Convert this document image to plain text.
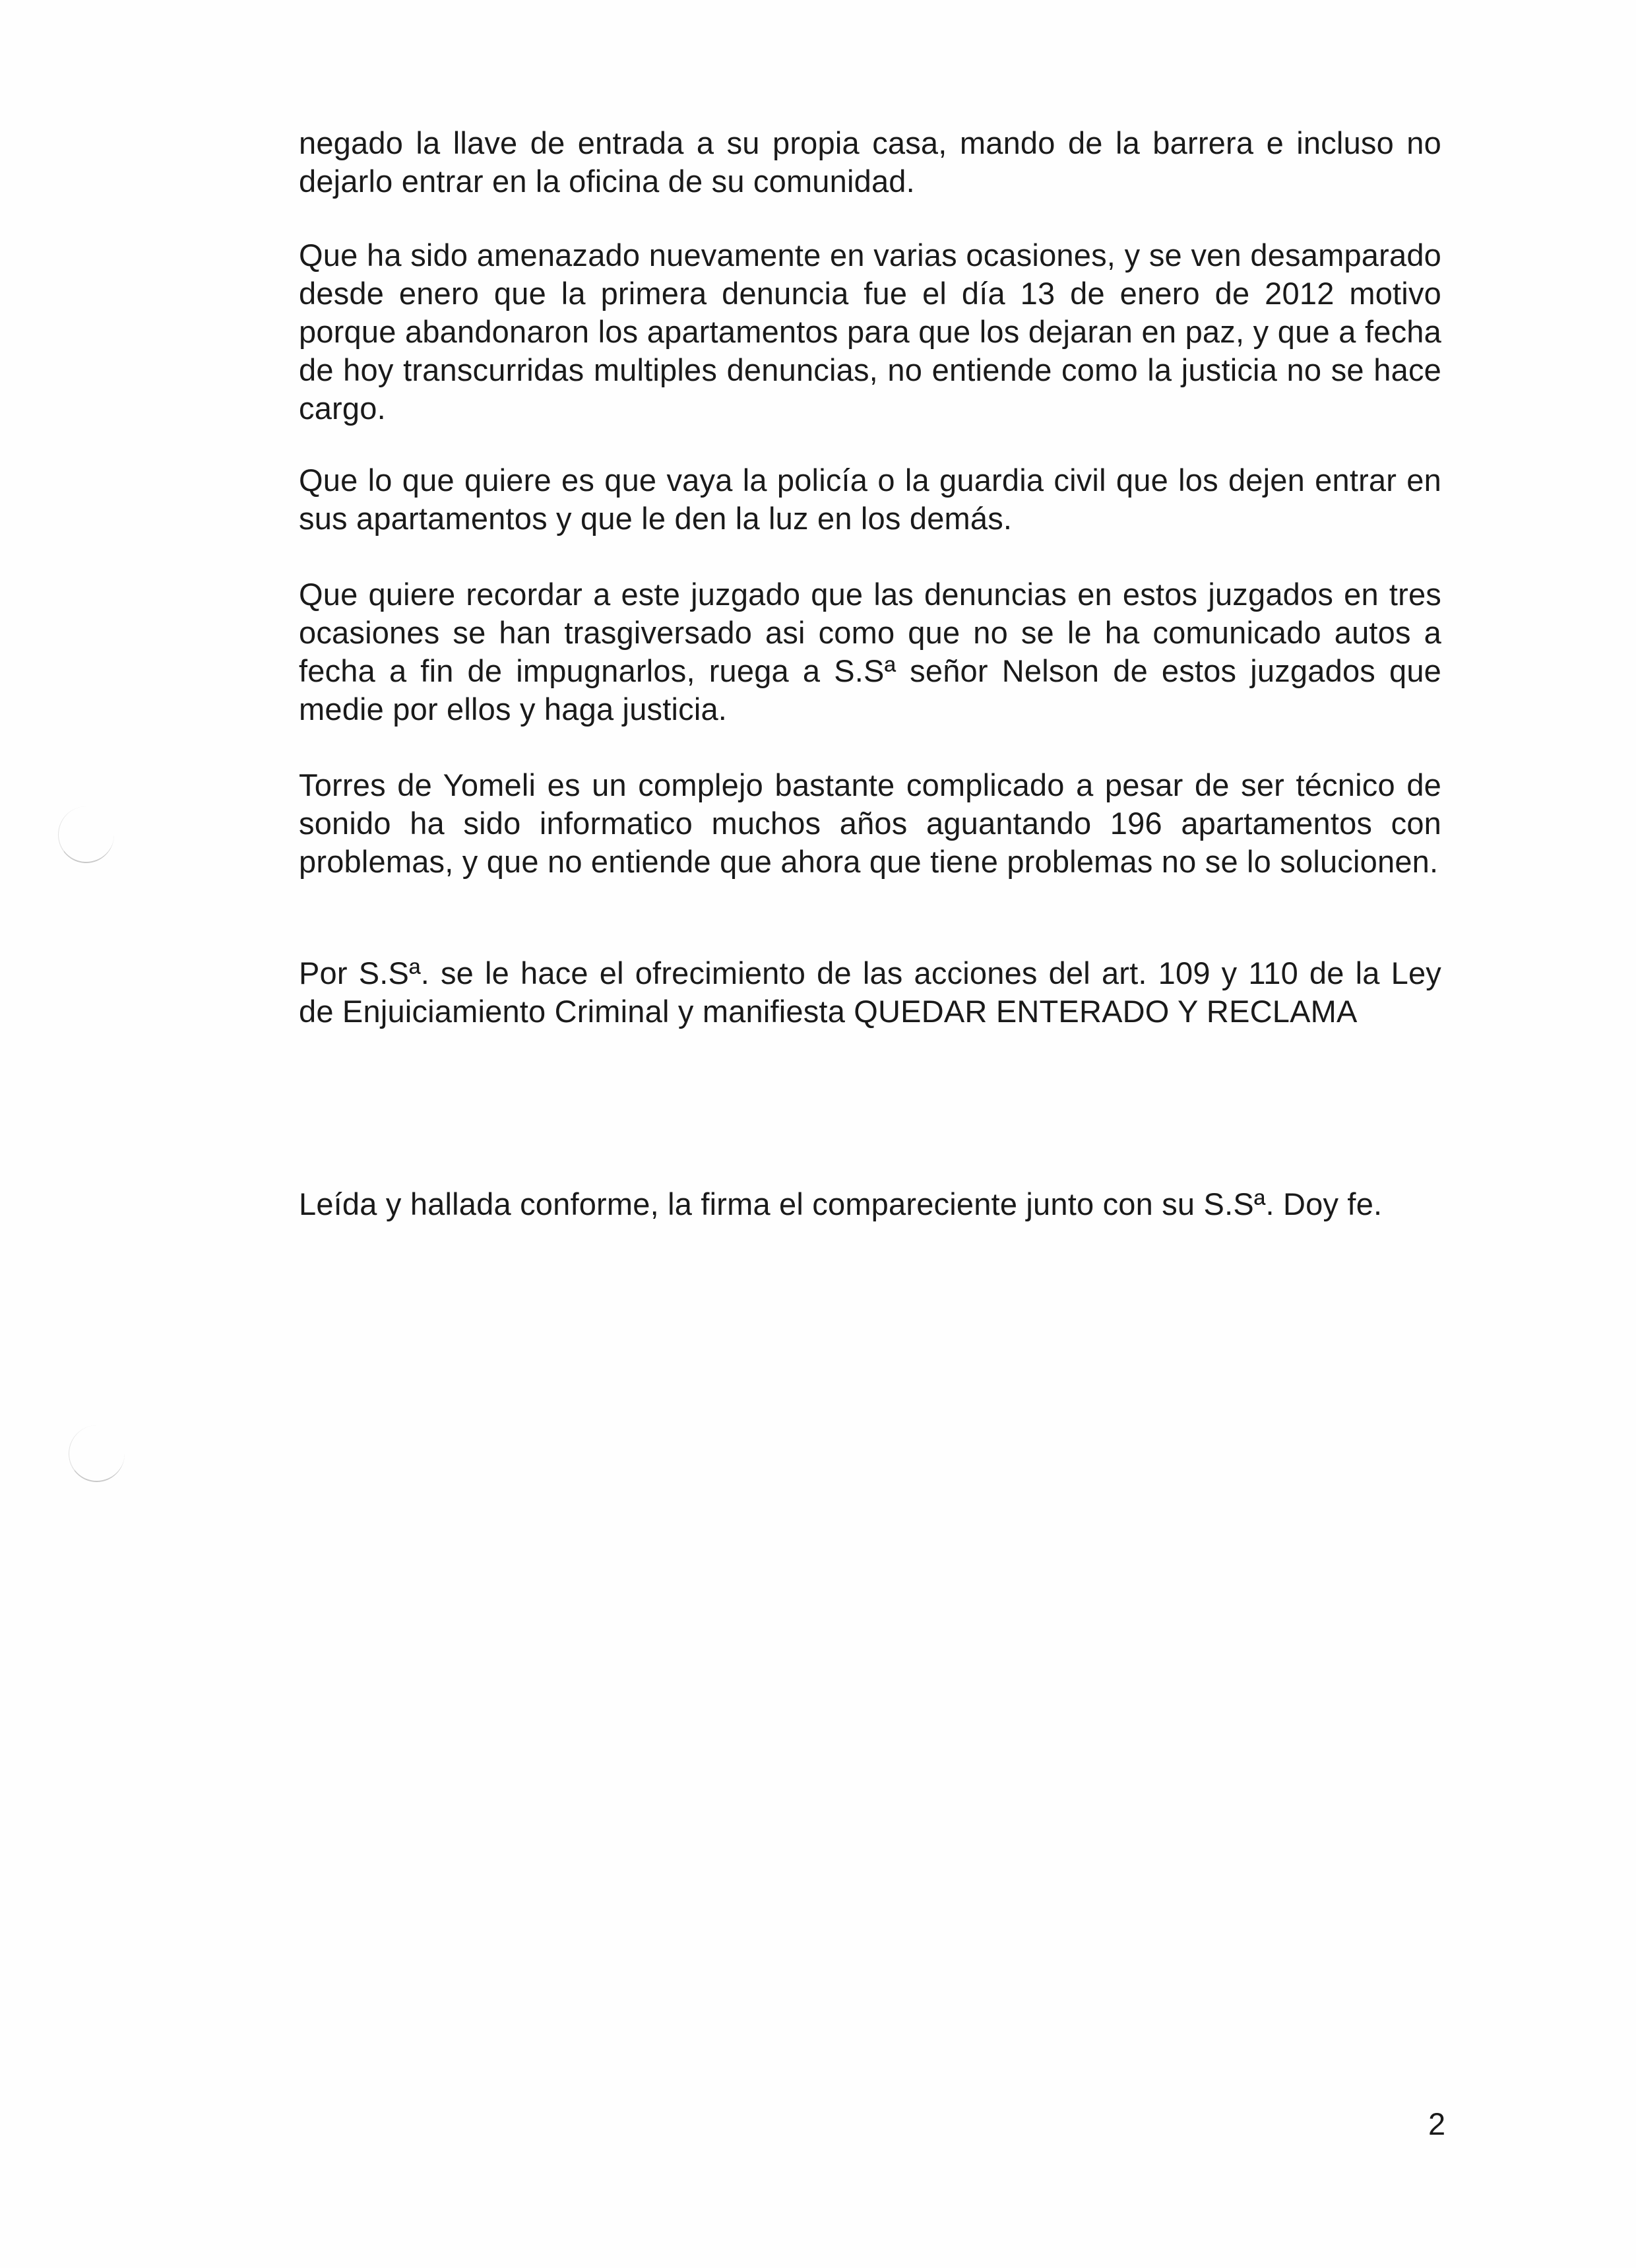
negado la llave de entrada a su propia casa, mando de la barrera e incluso no dejarlo entrar en la oficina de su comunidad.

Que ha sido amenazado nuevamente en varias ocasiones, y se ven desamparado desde enero que la primera denuncia fue el día 13 de enero de 2012 motivo porque abandonaron los apartamentos para que los dejaran en paz, y que a fecha de hoy transcurridas multiples denuncias, no entiende como la justicia no se hace cargo.

Que lo que quiere es que vaya la policía o la guardia civil que los dejen entrar en sus apartamentos y que le den la luz en los demás.

Que quiere recordar a este juzgado que las denuncias en estos juzgados en tres ocasiones se han trasgiversado asi como que no se le ha comunicado autos a fecha a fin de impugnarlos, ruega a S.Sª señor Nelson de estos juzgados que medie por ellos y haga justicia.

Torres de Yomeli es un complejo bastante complicado a pesar de ser técnico de sonido ha sido informatico muchos años aguantando 196 apartamentos con problemas, y que no entiende que ahora que tiene problemas no se lo solucionen.

Por S.Sª. se le hace el ofrecimiento de las acciones del art. 109 y 110 de la Ley de Enjuiciamiento Criminal y manifiesta QUEDAR ENTERADO Y RECLAMA

Leída y hallada conforme, la firma el compareciente junto con su S.Sª. Doy fe.

2
